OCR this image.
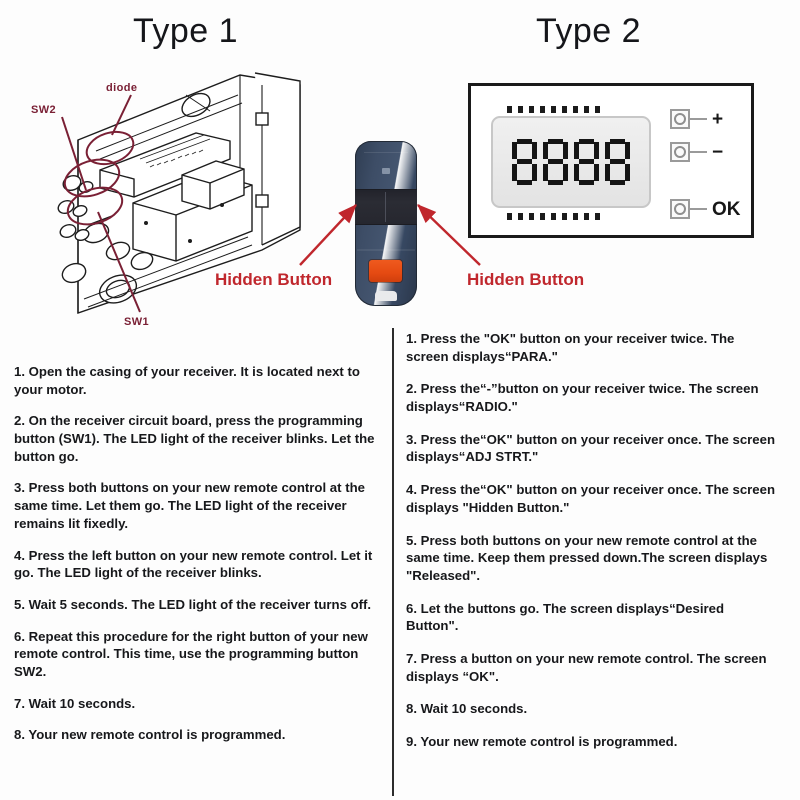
Type 1	Type 2
SW2
diode
SW1
Hidden Button	Hidden Button
+
−
OK

1. Open the casing of your receiver. It is located next to your motor.

2. On the receiver circuit board, press the programming button (SW1). The LED light of the receiver blinks. Let the button go.

3. Press both buttons on your new remote control at the same time. Let them go. The LED light of the receiver remains lit fixedly.

4. Press the left button on your new remote control. Let it go. The LED light of the receiver blinks.

5. Wait 5 seconds. The LED light of the receiver turns off.

6. Repeat this procedure for the right button of your new remote control. This time, use the programming button SW2.

7. Wait 10 seconds.

8. Your new remote control is programmed.

1. Press the "OK" button on your receiver twice. The screen displays“PARA."

2. Press the“-”button on your receiver twice. The screen displays“RADIO."

3. Press the“OK" button on your receiver once. The screen displays“ADJ STRT."

4. Press the“OK" button on your receiver once. The screen displays "Hidden Button."

5. Press both buttons on your new remote control at the same time. Keep them pressed down.The screen displays "Released".

6. Let the buttons go. The screen displays“Desired Button".

7. Press a button on your new remote control. The screen displays “OK".

8. Wait 10 seconds.

9. Your new remote control is programmed.
